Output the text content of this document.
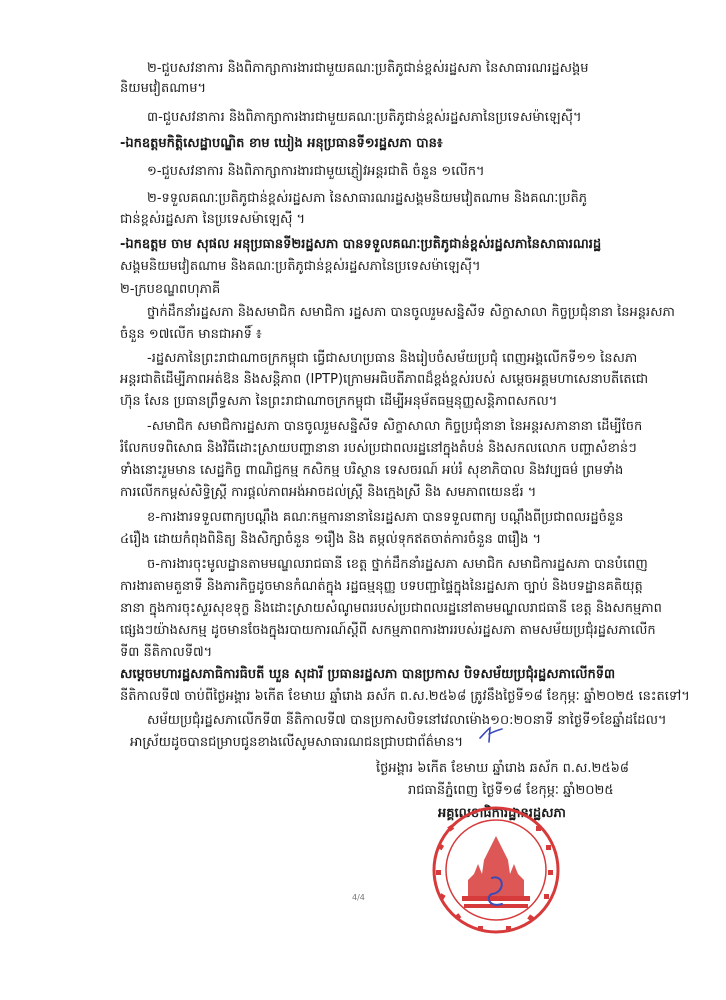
២-ជួបសវនាការ និងពិភាក្សាការងារជាមួយគណៈប្រតិភូជាន់ខ្ពស់រដ្ឋសភា នៃសាធារណរដ្ឋសង្គម
និយមវៀតណាម។
៣-ជួបសវនាការ និងពិភាក្សាការងារជាមួយគណៈប្រតិភូជាន់ខ្ពស់រដ្ឋសភានៃប្រទេសម៉ាឡេស៊ី។
-ឯកឧត្តមកិត្តិសេដ្ឋាបណ្ឌិត ខាម ឃៀង អនុប្រធានទី១រដ្ឋសភា បាន៖
១-ជួបសវនាការ និងពិភាក្សាការងារជាមួយភ្ញៀវអន្តរជាតិ ចំនួន ១លើក។
២-ទទួលគណៈប្រតិភូជាន់ខ្ពស់រដ្ឋសភា នៃសាធារណរដ្ឋសង្គមនិយមវៀតណាម និងគណៈប្រតិភូ
ជាន់ខ្ពស់រដ្ឋសភា នៃប្រទេសម៉ាឡេស៊ី ។
-ឯកឧត្តម ចាម សុផល អនុប្រធានទី២រដ្ឋសភា បានទទួលគណៈប្រតិភូជាន់ខ្ពស់រដ្ឋសភានៃសាធារណរដ្ឋ
សង្គមនិយមវៀតណាម និងគណៈប្រតិភូជាន់ខ្ពស់រដ្ឋសភានៃប្រទេសម៉ាឡេស៊ី។
២-ក្របខណ្ឌពហុភាគី
ថ្នាក់ដឹកនាំរដ្ឋសភា និងសមាជិក សមាជិកា រដ្ឋសភា បានចូលរួមសន្និសីទ សិក្ខាសាលា កិច្ចប្រជុំនានា នៃអន្តរសភា
ចំនួន ១៧លើក មានជាអាទិ៍ ៖
-រដ្ឋសភានៃព្រះរាជាណាចក្រកម្ពុជា ធ្វើជាសហប្រធាន និងរៀបចំសម័យប្រជុំ ពេញអង្គលើកទី១១ នៃសភា
អន្តរជាតិដើម្បីភាពអត់ឱន និងសន្តិភាព (IPTP)ក្រោមអធិបតីភាពដ៏ខ្ពង់ខ្ពស់របស់ សម្តេចអគ្គមហាសេនាបតីតេជោ
ហ៊ុន សែន ប្រធានព្រឹទ្ធសភា នៃព្រះរាជាណាចក្រកម្ពុជា ដើម្បីអនុម័តធម្មនុញ្ញសន្តិភាពសកល។
-សមាជិក សមាជិការដ្ឋសភា បានចូលរួមសន្និសីទ សិក្ខាសាលា កិច្ចប្រជុំនានា នៃអន្តរសភានានា ដើម្បីចែក
រំលែកបទពិសោធ និងវិធីដោះស្រាយបញ្ហានានា របស់ប្រជាពលរដ្ឋនៅក្នុងតំបន់ និងសកលលោក បញ្ហាសំខាន់ៗ
ទាំងនោះរួមមាន សេដ្ឋកិច្ច ពាណិជ្ជកម្ម កសិកម្ម បរិស្ថាន ទេសចរណ៍ អប់រំ សុខាភិបាល និងវប្បធម៌ ព្រមទាំង
ការលើកកម្ពស់សិទ្ធិស្ត្រី ការផ្តល់ភាពអង់អាចដល់ស្ត្រី និងក្មេងស្រី និង សមភាពយេនឌ័រ ។
ខ-ការងារទទួលពាក្យបណ្តឹង គណៈកម្មការនានានៃរដ្ឋសភា បានទទួលពាក្យ បណ្តឹងពីប្រជាពលរដ្ឋចំនួន
៤រឿង ដោយកំពុងពិនិត្យ និងសិក្សាចំនួន ១រឿង និង តម្កល់ទុកឥតចាត់ការចំនួន ៣រឿង ។
ច-ការងារចុះមូលដ្ឋានតាមមណ្ឌលរាជធានី ខេត្ត ថ្នាក់ដឹកនាំរដ្ឋសភា សមាជិក សមាជិការដ្ឋសភា បានបំពេញ
ការងារតាមតួនាទី និងភារកិច្ចដូចមានកំណត់ក្នុង រដ្ឋធម្មនុញ្ញ បទបញ្ជាផ្ទៃក្នុងនៃរដ្ឋសភា ច្បាប់ និងបទដ្ឋានគតិយុត្ត
នានា ក្នុងការចុះសួរសុខទុក្ខ និងដោះស្រាយសំណូមពររបស់ប្រជាពលរដ្ឋនៅតាមមណ្ឌលរាជធានី ខេត្ត និងសកម្មភាព
ផ្សេងៗយ៉ាងសកម្ម ដូចមានចែងក្នុងរបាយការណ៍ស្តីពី សកម្មភាពការងាររបស់រដ្ឋសភា តាមសម័យប្រជុំរដ្ឋសភាលើក
ទី៣ នីតិកាលទី៧។
សម្តេចមហារដ្ឋសភាធិការធិបតី ឃួន សុដារី ប្រធានរដ្ឋសភា បានប្រកាស បិទសម័យប្រជុំរដ្ឋសភាលើកទី៣
នីតិកាលទី៧ ចាប់ពីថ្ងៃអង្គារ ៦កើត ខែមាឃ ឆ្នាំរោង ឆស័ក ព.ស.២៥៦៨ ត្រូវនឹងថ្ងៃទី១៨ ខែកុម្ភៈ ឆ្នាំ២០២៥ នេះតទៅ។
សម័យប្រជុំរដ្ឋសភាលើកទី៣ នីតិកាលទី៧ បានប្រកាសបិទនៅវេលាម៉ោង១០:២០នាទី នាថ្ងៃទី១ខែឆ្នាំដដែល។
អាស្រ័យដូចបានជម្រាបជូនខាងលើសូមសាធារណជនជ្រាបជាព័ត៌មាន។
ថ្ងៃអង្គារ ៦កើត ខែមាឃ ឆ្នាំរោង ឆស័ក ព.ស.២៥៦៨
រាជធានីភ្នំពេញ ថ្ងៃទី១៨ ខែកុម្ភៈ ឆ្នាំ២០២៥
អគ្គលេខាធិការដ្ឋានរដ្ឋសភា
4/4
